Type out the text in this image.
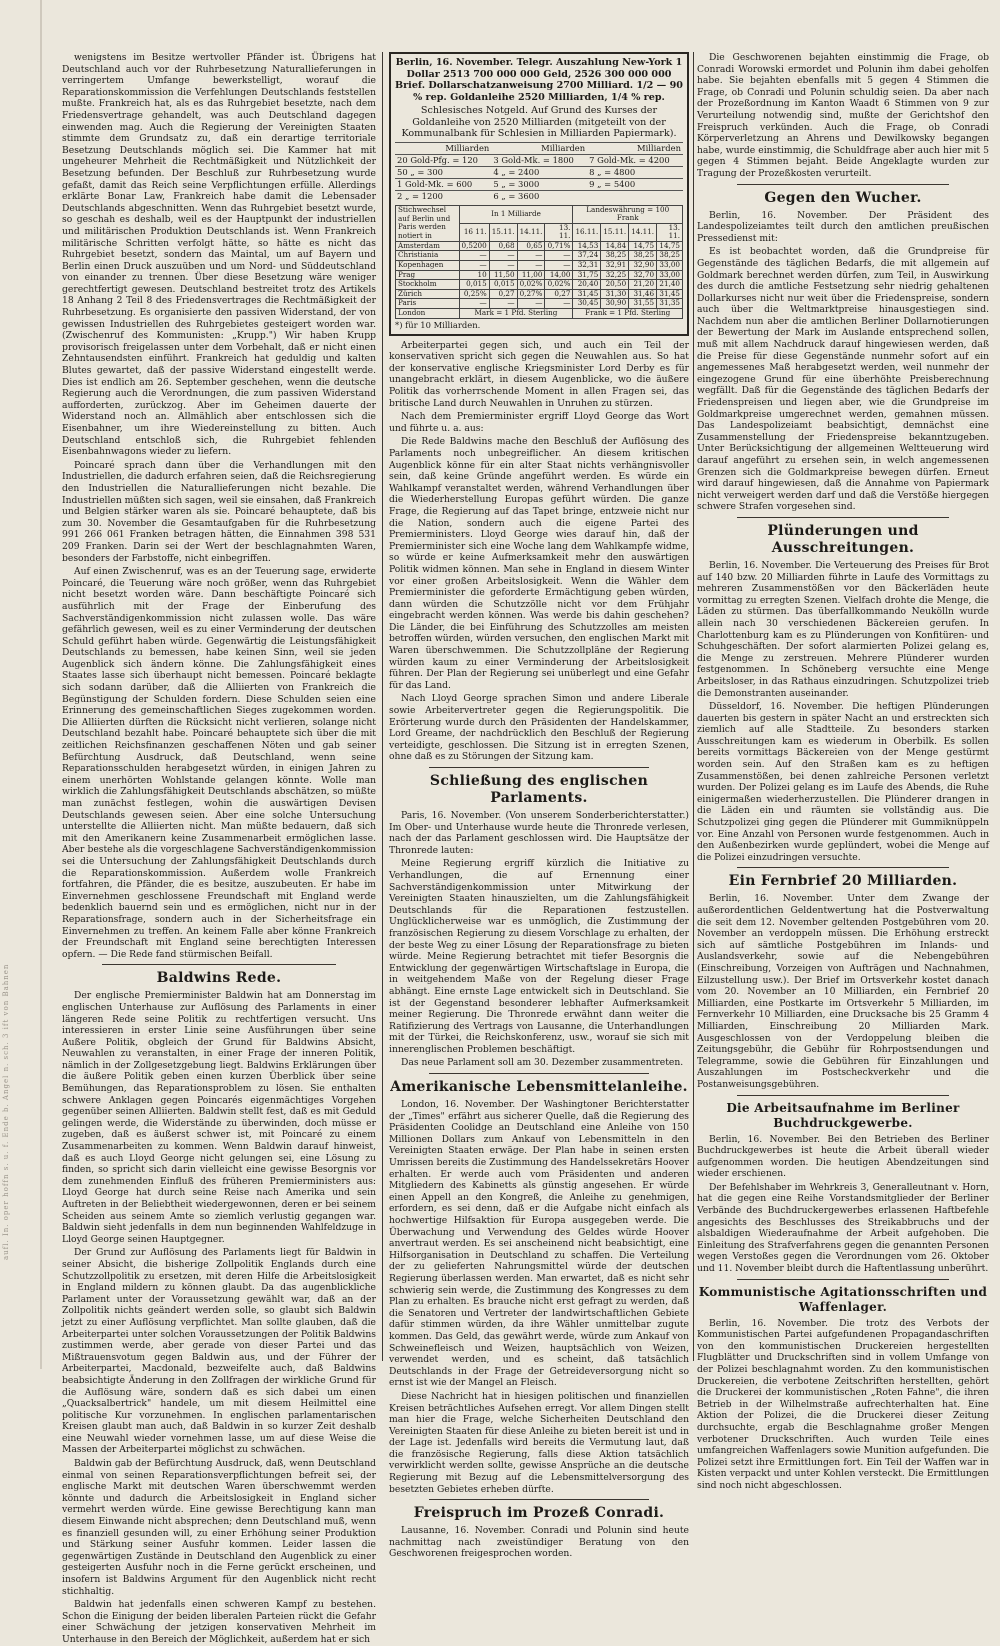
aufl. In. oper hoffn s. u. f. Ende b. Angel n. sch. 3 ift von Bahnen

wenigstens im Besitze wertvoller Pfänder ist. Übrigens hat Deutschland auch vor der Ruhrbesetzung Naturallieferungen in verringertem Umfange bewerkstelligt, worauf die Reparationskommission die Verfehlungen Deutschlands feststellen mußte. Frankreich hat, als es das Ruhrgebiet besetzte, nach dem Friedensvertrage gehandelt, was auch Deutschland dagegen einwenden mag. Auch die Regierung der Vereinigten Staaten stimmte dem Grundsatz zu, daß ein derartige territoriale Besetzung Deutschlands möglich sei. Die Kammer hat mit ungeheurer Mehrheit die Rechtmäßigkeit und Nützlichkeit der Besetzung befunden. Der Beschluß zur Ruhrbesetzung wurde gefaßt, damit das Reich seine Verpflichtungen erfülle. Allerdings erklärte Bonar Law, Frankreich habe damit die Lebensader Deutschlands abgeschnitten. Wenn das Ruhrgebiet besetzt wurde, so geschah es deshalb, weil es der Hauptpunkt der industriellen und militärischen Produktion Deutschlands ist. Wenn Frankreich militärische Schritten verfolgt hätte, so hätte es nicht das Ruhrgebiet besetzt, sondern das Maintal, um auf Bayern und Berlin einen Druck auszuüben und um Nord- und Süddeutschland von einander zu trennen. Über diese Besetzung wäre weniger gerechtfertigt gewesen. Deutschland bestreitet trotz des Artikels 18 Anhang 2 Teil 8 des Friedensvertrages die Rechtmäßigkeit der Ruhrbesetzung. Es organisierte den passiven Widerstand, der von gewissen Industriellen des Ruhrgebietes gesteigert worden war. (Zwischenruf des Kommunisten: „Krupp.") Wir haben Krupp provisorisch freigelassen unter dem Vorbehalt, daß er nicht einen Zehntausendsten einführt. Frankreich hat geduldig und kalten Blutes gewartet, daß der passive Widerstand eingestellt werde. Dies ist endlich am 26. September geschehen, wenn die deutsche Regierung auch die Verordnungen, die zum passiven Widerstand aufforderten, zurückzog. Aber im Geheimen dauerte der Widerstand noch an. Allmählich aber entschlossen sich die Eisenbahner, um ihre Wiedereinstellung zu bitten. Auch Deutschland entschloß sich, die Ruhrgebiet fehlenden Eisenbahnwagons wieder zu liefern.

Poincaré sprach dann über die Verhandlungen mit den Industriellen, die dadurch erfahren seien, daß die Reichsregierung den Industriellen die Naturallieferungen nicht bezahle. Die Industriellen müßten sich sagen, weil sie einsahen, daß Frankreich und Belgien stärker waren als sie. Poincaré behauptete, daß bis zum 30. November die Gesamtaufgaben für die Ruhrbesetzung 991 266 061 Franken betragen hätten, die Einnahmen 398 531 209 Franken. Darin sei der Wert der beschlagnahmten Waren, besonders der Farbstoffe, nicht einbegriffen.

Auf einen Zwischenruf, was es an der Teuerung sage, erwiderte Poincaré, die Teuerung wäre noch größer, wenn das Ruhrgebiet nicht besetzt worden wäre. Dann beschäftigte Poincaré sich ausführlich mit der Frage der Einberufung des Sachverständigenkommission nicht zulassen wolle. Das wäre gefährlich gewesen, weil es zu einer Verminderung der deutschen Schuld geführt haben würde. Gegenwärtig die Leistungsfähigkeit Deutschlands zu bemessen, habe keinen Sinn, weil sie jeden Augenblick sich ändern könne. Die Zahlungsfähigkeit eines Staates lasse sich überhaupt nicht bemessen. Poincaré beklagte sich sodann darüber, daß die Alliierten von Frankreich die Begünstigung der Schulden fordern. Diese Schulden seien eine Erinnerung des gemeinschaftlichen Sieges zugekommen worden. Die Alliierten dürften die Rücksicht nicht verlieren, solange nicht Deutschland bezahlt habe. Poincaré behauptete sich über die mit zeitlichen Reichsfinanzen geschaffenen Nöten und gab seiner Befürchtung Ausdruck, daß Deutschland, wenn seine Reparationsschulden herabgesetzt würden, in einigen Jahren zu einem unerhörten Wohlstande gelangen könnte. Wolle man wirklich die Zahlungsfähigkeit Deutschlands abschätzen, so müßte man zunächst festlegen, wohin die auswärtigen Devisen Deutschlands gewesen seien. Aber eine solche Untersuchung unterstellte die Alliierten nicht. Man müßte bedauern, daß sich mit den Amerikanern keine Zusammenarbeit ermöglichen lasse. Aber bestehe als die vorgeschlagene Sachverständigenkommission sei die Untersuchung der Zahlungsfähigkeit Deutschlands durch die Reparationskommission. Außerdem wolle Frankreich fortfahren, die Pfänder, die es besitze, auszubeuten. Er habe im Einvernehmen geschlossene Freundschaft mit England werde bedenklich bauernd sein und es ermöglichen, nicht nur in der Reparationsfrage, sondern auch in der Sicherheitsfrage ein Einvernehmen zu treffen. An keinem Falle aber könne Frankreich der Freundschaft mit England seine berechtigten Interessen opfern. — Die Rede fand stürmischen Beifall.

Baldwins Rede.

Der englische Premierminister Baldwin hat am Donnerstag im englischen Unterhause zur Auflösung des Parlaments in einer längeren Rede seine Politik zu rechtfertigen versucht. Uns interessieren in erster Linie seine Ausführungen über seine Außere Politik, obgleich der Grund für Baldwins Absicht, Neuwahlen zu veranstalten, in einer Frage der inneren Politik, nämlich in der Zollgesetzgebung liegt. Baldwins Erklärungen über die äußere Politik geben einen kurzen Überblick über seine Bemühungen, das Reparationsproblem zu lösen. Sie enthalten schwere Anklagen gegen Poincarés eigenmächtiges Vorgehen gegenüber seinen Alliierten. Baldwin stellt fest, daß es mit Geduld gelingen werde, die Widerstände zu überwinden, doch müsse er zugeben, daß es äußerst schwer ist, mit Poincaré zu einem Zusammenarbeiten zu kommen. Wenn Baldwin darauf hinweist, daß es auch Lloyd George nicht gelungen sei, eine Lösung zu finden, so spricht sich darin vielleicht eine gewisse Besorgnis vor dem zunehmenden Einfluß des früheren Premierministers aus: Lloyd George hat durch seine Reise nach Amerika und sein Auftreten in der Beliebtheit wiedergewonnen, deren er bei seinem Scheiden aus seinem Amte so ziemlich verlustig gegangen war. Baldwin sieht jedenfalls in dem nun beginnenden Wahlfeldzuge in Lloyd George seinen Hauptgegner.

Der Grund zur Auflösung des Parlaments liegt für Baldwin in seiner Absicht, die bisherige Zollpolitik Englands durch eine Schutzzollpolitik zu ersetzen, mit deren Hilfe die Arbeitslosigkeit in England mildern zu können glaubt. Da das augenblickliche Parlament unter der Voraussetzung gewählt war, daß an der Zollpolitik nichts geändert werden solle, so glaubt sich Baldwin jetzt zu einer Auflösung verpflichtet. Man sollte glauben, daß die Arbeiterpartei unter solchen Voraussetzungen der Politik Baldwins zustimmen werde, aber gerade von dieser Partei und das Mißtrauensvotum gegen Baldwin aus, und der Führer der Arbeiterpartei, Macdonald, bezweifelte auch, daß Baldwins beabsichtigte Änderung in den Zollfragen der wirkliche Grund für die Auflösung wäre, sondern daß es sich dabei um einen „Quacksalbertrick" handele, um mit diesem Heilmittel eine politische Kur vorzunehmen. In englischen parlamentarischen Kreisen glaubt man auch, daß Baldwin in so kurzer Zeit deshalb eine Neuwahl wieder vornehmen lasse, um auf diese Weise die Massen der Arbeiterpartei möglichst zu schwächen.

Baldwin gab der Befürchtung Ausdruck, daß, wenn Deutschland einmal von seinen Reparationsverpflichtungen befreit sei, der englische Markt mit deutschen Waren überschwemmt werden könnte und dadurch die Arbeitslosigkeit in England sicher vermehrt werden würde. Eine gewisse Berechtigung kann man diesem Einwande nicht absprechen; denn Deutschland muß, wenn es finanziell gesunden will, zu einer Erhöhung seiner Produktion und Stärkung seiner Ausfuhr kommen. Leider lassen die gegenwärtigen Zustände in Deutschland den Augenblick zu einer gesteigerten Ausfuhr noch in die Ferne gerückt erscheinen, und insofern ist Baldwins Argument für den Augenblick nicht recht stichhaltig.

Baldwin hat jedenfalls einen schweren Kampf zu bestehen. Schon die Einigung der beiden liberalen Parteien rückt die Gefahr einer Schwächung der jetzigen konservativen Mehrheit im Unterhause in den Bereich der Möglichkeit, außerdem hat er sich

Berlin, 16. November. Telegr. Auszahlung New-York 1 Dollar 2513 700 000 000 Geld, 2526 300 000 000 Brief. Dollarschatzanweisung 2700 Milliard. 1/2 — 90 % rep. Goldanleihe 2520 Milliarden, 1/4 % rep.
Schlesisches Notgeld. Auf Grund des Kurses der Goldanleihe von 2520 Milliarden (mitgeteilt von der Kommunalbank für Schlesien in Milliarden Papiermark).
Milliarden	Milliarden	Milliarden
20 Gold-Pfg. = 120	3 Gold-Mk. = 1800	7 Gold-Mk. = 4200
50 „ = 300	4 „ = 2400	8 „ = 4800
1 Gold-Mk. = 600	5 „ = 3000	9 „ = 5400
2 „ = 1200	6 „ = 3600	
Stichwechsel auf Berlin und Paris werden notiert in	In 1 Milliarde				Landeswährung = 100 Frank			
	16 11.	15.11.	14.11.	13. 11.	16.11.	15.11.	14.11.	13. 11.
Amsterdam	0,5200	0,68	0,65	0,71%	14,53	14,84	14,75	14,75
Christiania	—	—	—	—	37,24	38,25	38,25	38,25
Kopenhagen	—	—	—	—	32,31	32,91	32,90	33,00
Prag	10	11,50	11,00	14,00	31,75	32,25	32,70	33,00
Stockholm	0,015	0,015	0,02%	0,02%	20,40	20,50	21,20	21,40
Zürich	0,25%	0,27	0,27%	0,27	31,45	31,30	31,46	31,45
Paris	—	—	—	—	30,45	30,90	31,55	31,35
London	Mark = 1 Pfd. Sterling				Frank = 1 Pfd. Sterling			
*) für 10 Milliarden.

Arbeiterpartei gegen sich, und auch ein Teil der konservativen spricht sich gegen die Neuwahlen aus. So hat der konservative englische Kriegsminister Lord Derby es für unangebracht erklärt, in diesem Augenblicke, wo die äußere Politik das vorherrschende Moment in allen Fragen sei, das britische Land durch Neuwahlen in Unruhen zu stürzen.

Nach dem Premierminister ergriff Lloyd George das Wort und führte u. a. aus:

Die Rede Baldwins mache den Beschluß der Auflösung des Parlaments noch unbegreiflicher. An diesem kritischen Augenblick könne für ein alter Staat nichts verhängnisvoller sein, daß keine Gründe angeführt werden. Es würde ein Wahlkampf veranstaltet werden, während Verhandlungen über die Wiederherstellung Europas geführt würden. Die ganze Frage, die Regierung auf das Tapet bringe, entzweie nicht nur die Nation, sondern auch die eigene Partei des Premierministers. Lloyd George wies darauf hin, daß der Premierminister sich eine Woche lang dem Wahlkampfe widme, so würde er keine Aufmerksamkeit mehr den auswärtigen Politik widmen können. Man sehe in England in diesem Winter vor einer großen Arbeitslosigkeit. Wenn die Wähler dem Premierminister die geforderte Ermächtigung geben würden, dann würden die Schutzzölle nicht vor dem Frühjahr eingebracht werden können. Was werde bis dahin geschehen? Die Länder, die bei Einführung des Schutzzolles am meisten betroffen würden, würden versuchen, den englischen Markt mit Waren überschwemmen. Die Schutzzollpläne der Regierung würden kaum zu einer Verminderung der Arbeitslosigkeit führen. Der Plan der Regierung sei unüberlegt und eine Gefahr für das Land.

Nach Lloyd George sprachen Simon und andere Liberale sowie Arbeitervertreter gegen die Regierungspolitik. Die Erörterung wurde durch den Präsidenten der Handelskammer, Lord Greame, der nachdrücklich den Beschluß der Regierung verteidigte, geschlossen. Die Sitzung ist in erregten Szenen, ohne daß es zu Störungen der Sitzung kam.

Schließung des englischen Parlaments.

Paris, 16. November. (Von unserem Sonderberichterstatter.) Im Ober- und Unterhause wurde heute die Thronrede verlesen, nach der das Parlament geschlossen wird. Die Hauptsätze der Thronrede lauten:

Meine Regierung ergriff kürzlich die Initiative zu Verhandlungen, die auf Ernennung einer Sachverständigenkommission unter Mitwirkung der Vereinigten Staaten hinauszielten, um die Zahlungsfähigkeit Deutschlands für die Reparationen festzustellen. Unglücklicherweise war es unmöglich, die Zustimmung der französischen Regierung zu diesem Vorschlage zu erhalten, der der beste Weg zu einer Lösung der Reparationsfrage zu bieten würde. Meine Regierung betrachtet mit tiefer Besorgnis die Entwicklung der gegenwärtigen Wirtschaftslage in Europa, die in weitgehendem Maße von der Regelung dieser Frage abhängt. Eine ernste Lage entwickelt sich in Deutschland. Sie ist der Gegenstand besonderer lebhafter Aufmerksamkeit meiner Regierung. Die Thronrede erwähnt dann weiter die Ratifizierung des Vertrags von Lausanne, die Unterhandlungen mit der Türkei, die Reichskonferenz, usw., worauf sie sich mit innerenglischen Problemen beschäftigt.

Das neue Parlament soll am 30. Dezember zusammentreten.

Amerikanische Lebensmittelanleihe.

London, 16. November. Der Washingtoner Berichterstatter der „Times" erfährt aus sicherer Quelle, daß die Regierung des Präsidenten Coolidge an Deutschland eine Anleihe von 150 Millionen Dollars zum Ankauf von Lebensmitteln in den Vereinigten Staaten erwäge. Der Plan habe in seinen ersten Umrissen bereits die Zustimmung des Handelssekretärs Hoover erhalten. Er werde auch vom Präsidenten und anderen Mitgliedern des Kabinetts als günstig angesehen. Er würde einen Appell an den Kongreß, die Anleihe zu genehmigen, erfordern, es sei denn, daß er die Aufgabe nicht einfach als hochwertige Hilfsaktion für Europa ausgegeben werde. Die Überwachung und Verwendung des Geldes würde Hoover anvertraut werden. Es sei anscheinend nicht beabsichtigt, eine Hilfsorganisation in Deutschland zu schaffen. Die Verteilung der zu gelieferten Nahrungsmittel würde der deutschen Regierung überlassen werden. Man erwartet, daß es nicht sehr schwierig sein werde, die Zustimmung des Kongresses zu dem Plan zu erhalten. Es brauche nicht erst gefragt zu werden, daß die Senatoren und Vertreter der landwirtschaftlichen Gebiete dafür stimmen würden, da ihre Wähler unmittelbar zugute kommen. Das Geld, das gewährt werde, würde zum Ankauf von Schweinefleisch und Weizen, hauptsächlich von Weizen, verwendet werden, und es scheint, daß tatsächlich Deutschlands in der Frage der Getreideversorgung nicht so ernst ist wie der Mangel an Fleisch.

Diese Nachricht hat in hiesigen politischen und finanziellen Kreisen beträchtliches Aufsehen erregt. Vor allem Dingen stellt man hier die Frage, welche Sicherheiten Deutschland den Vereinigten Staaten für diese Anleihe zu bieten bereit ist und in der Lage ist. Jedenfalls wird bereits die Vermutung laut, daß die französische Regierung, falls diese Aktion tatsächlich verwirklicht werden sollte, gewisse Ansprüche an die deutsche Regierung mit Bezug auf die Lebensmittelversorgung des besetzten Gebietes erheben dürfte.

Freispruch im Prozeß Conradi.

Lausanne, 16. November. Conradi und Polunin sind heute nachmittag nach zweistündiger Beratung von den Geschworenen freigesprochen worden.

Die Geschworenen bejahten einstimmig die Frage, ob Conradi Worowski ermordet und Polunin ihm dabei geholfen habe. Sie bejahten ebenfalls mit 5 gegen 4 Stimmen die Frage, ob Conradi und Polunin schuldig seien. Da aber nach der Prozeßordnung im Kanton Waadt 6 Stimmen von 9 zur Verurteilung notwendig sind, mußte der Gerichtshof den Freispruch verkünden. Auch die Frage, ob Conradi Körperverletzung an Ahrens und Dewilkowsky begangen habe, wurde einstimmig, die Schuldfrage aber auch hier mit 5 gegen 4 Stimmen bejaht. Beide Angeklagte wurden zur Tragung der Prozeßkosten verurteilt.

Gegen den Wucher.

Berlin, 16. November. Der Präsident des Landespolizeiamtes teilt durch den amtlichen preußischen Pressedienst mit:

Es ist beobachtet worden, daß die Grundpreise für Gegenstände des täglichen Bedarfs, die mit allgemein auf Goldmark berechnet werden dürfen, zum Teil, in Auswirkung des durch die amtliche Festsetzung sehr niedrig gehaltenen Dollarkurses nicht nur weit über die Friedenspreise, sondern auch über die Weltmarktpreise hinausgestiegen sind. Nachdem nun aber die amtlichen Berliner Dollarnotierungen der Bewertung der Mark im Auslande entsprechend sollen, muß mit allem Nachdruck darauf hingewiesen werden, daß die Preise für diese Gegenstände nunmehr sofort auf ein angemessenes Maß herabgesetzt werden, weil nunmehr der eingezogene Grund für eine überhöhte Preisberechnung wegfällt. Daß für die Gegenstände des täglichen Bedarfs der Friedenspreisen und liegen aber, wie die Grundpreise im Goldmarkpreise umgerechnet werden, gemahnen müssen. Das Landespolizeiamt beabsichtigt, demnächst eine Zusammenstellung der Friedenspreise bekanntzugeben. Unter Berücksichtigung der allgemeinen Weltteuerung wird darauf angeführt zu ersehen sein, in welch angemessenen Grenzen sich die Goldmarkpreise bewegen dürfen. Erneut wird darauf hingewiesen, daß die Annahme von Papiermark nicht verweigert werden darf und daß die Verstöße hiergegen schwere Strafen vorgesehen sind.

Plünderungen und Ausschreitungen.

Berlin, 16. November. Die Verteuerung des Preises für Brot auf 140 bzw. 20 Milliarden führte in Laufe des Vormittags zu mehreren Zusammenstößen vor den Bäckerläden heute vormittag zu erregten Szenen. Vielfach drohte die Menge, die Läden zu stürmen. Das überfallkommando Neukölln wurde allein nach 30 verschiedenen Bäckereien gerufen. In Charlottenburg kam es zu Plünderungen von Konfitüren- und Schuhgeschäften. Der sofort alarmierten Polizei gelang es, die Menge zu zerstreuen. Mehrere Plünderer wurden festgenommen. In Schöneberg versuchte eine Menge Arbeitsloser, in das Rathaus einzudringen. Schutzpolizei trieb die Demonstranten auseinander.

Düsseldorf, 16. November. Die heftigen Plünderungen dauerten bis gestern in später Nacht an und erstreckten sich ziemlich auf alle Stadtteile. Zu besonders starken Ausschreitungen kam es wiederum in Oberbilk. Es sollen bereits vormittags Bäckereien von der Menge gestürmt worden sein. Auf den Straßen kam es zu heftigen Zusammenstößen, bei denen zahlreiche Personen verletzt wurden. Der Polizei gelang es im Laufe des Abends, die Ruhe einigermaßen wiederherzustellen. Die Plünderer drangen in die Läden ein und räumten sie vollständig aus. Die Schutzpolizei ging gegen die Plünderer mit Gummiknüppeln vor. Eine Anzahl von Personen wurde festgenommen. Auch in den Außenbezirken wurde geplündert, wobei die Menge auf die Polizei einzudringen versuchte.

Ein Fernbrief 20 Milliarden.

Berlin, 16. November. Unter dem Zwange der außerordentlichen Geldentwertung hat die Postverwaltung die seit dem 12. November geltenden Postgebühren vom 20. November an verdoppeln müssen. Die Erhöhung erstreckt sich auf sämtliche Postgebühren im Inlands- und Auslandsverkehr, sowie auf die Nebengebühren (Einschreibung, Vorzeigen von Aufträgen und Nachnahmen, Eilzustellung usw.). Der Brief im Ortsverkehr kostet danach vom 20. November an 10 Milliarden, ein Fernbrief 20 Milliarden, eine Postkarte im Ortsverkehr 5 Milliarden, im Fernverkehr 10 Milliarden, eine Drucksache bis 25 Gramm 4 Milliarden, Einschreibung 20 Milliarden Mark. Ausgeschlossen von der Verdoppelung bleiben die Zeitungsgebühr, die Gebühr für Rohrpostsendungen und Telegramme, sowie die Gebühren für Einzahlungen und Auszahlungen im Postscheckverkehr und die Postanweisungsgebühren.

Die Arbeitsaufnahme im Berliner Buchdruckgewerbe.

Berlin, 16. November. Bei den Betrieben des Berliner Buchdruckgewerbes ist heute die Arbeit überall wieder aufgenommen worden. Die heutigen Abendzeitungen sind wieder erschienen.

Der Befehlshaber im Wehrkreis 3, Generalleutnant v. Horn, hat die gegen eine Reihe Vorstandsmitglieder der Berliner Verbände des Buchdruckergewerbes erlassenen Haftbefehle angesichts des Beschlusses des Streikabbruchs und der alsbaldigen Wiederaufnahme der Arbeit aufgehoben. Die Einleitung des Strafverfahrens gegen die genannten Personen wegen Verstoßes gegen die Verordnungen vom 26. Oktober und 11. November bleibt durch die Haftentlassung unberührt.

Kommunistische Agitationsschriften und Waffenlager.

Berlin, 16. November. Die trotz des Verbots der Kommunistischen Partei aufgefundenen Propagandaschriften von den kommunistischen Druckereien hergestellten Flugblätter und Druckschriften sind in vollem Umfange von der Polizei beschlagnahmt worden. Zu den kommunistischen Druckereien, die verbotene Zeitschriften herstellten, gehört die Druckerei der kommunistischen „Roten Fahne", die ihren Betrieb in der Wilhelmstraße aufrechterhalten hat. Eine Aktion der Polizei, die die Druckerei dieser Zeitung durchsuchte, ergab die Beschlagnahme großer Mengen verbotener Druckschriften. Auch wurden Teile eines umfangreichen Waffenlagers sowie Munition aufgefunden. Die Polizei setzt ihre Ermittlungen fort. Ein Teil der Waffen war in Kisten verpackt und unter Kohlen versteckt. Die Ermittlungen sind noch nicht abgeschlossen.
